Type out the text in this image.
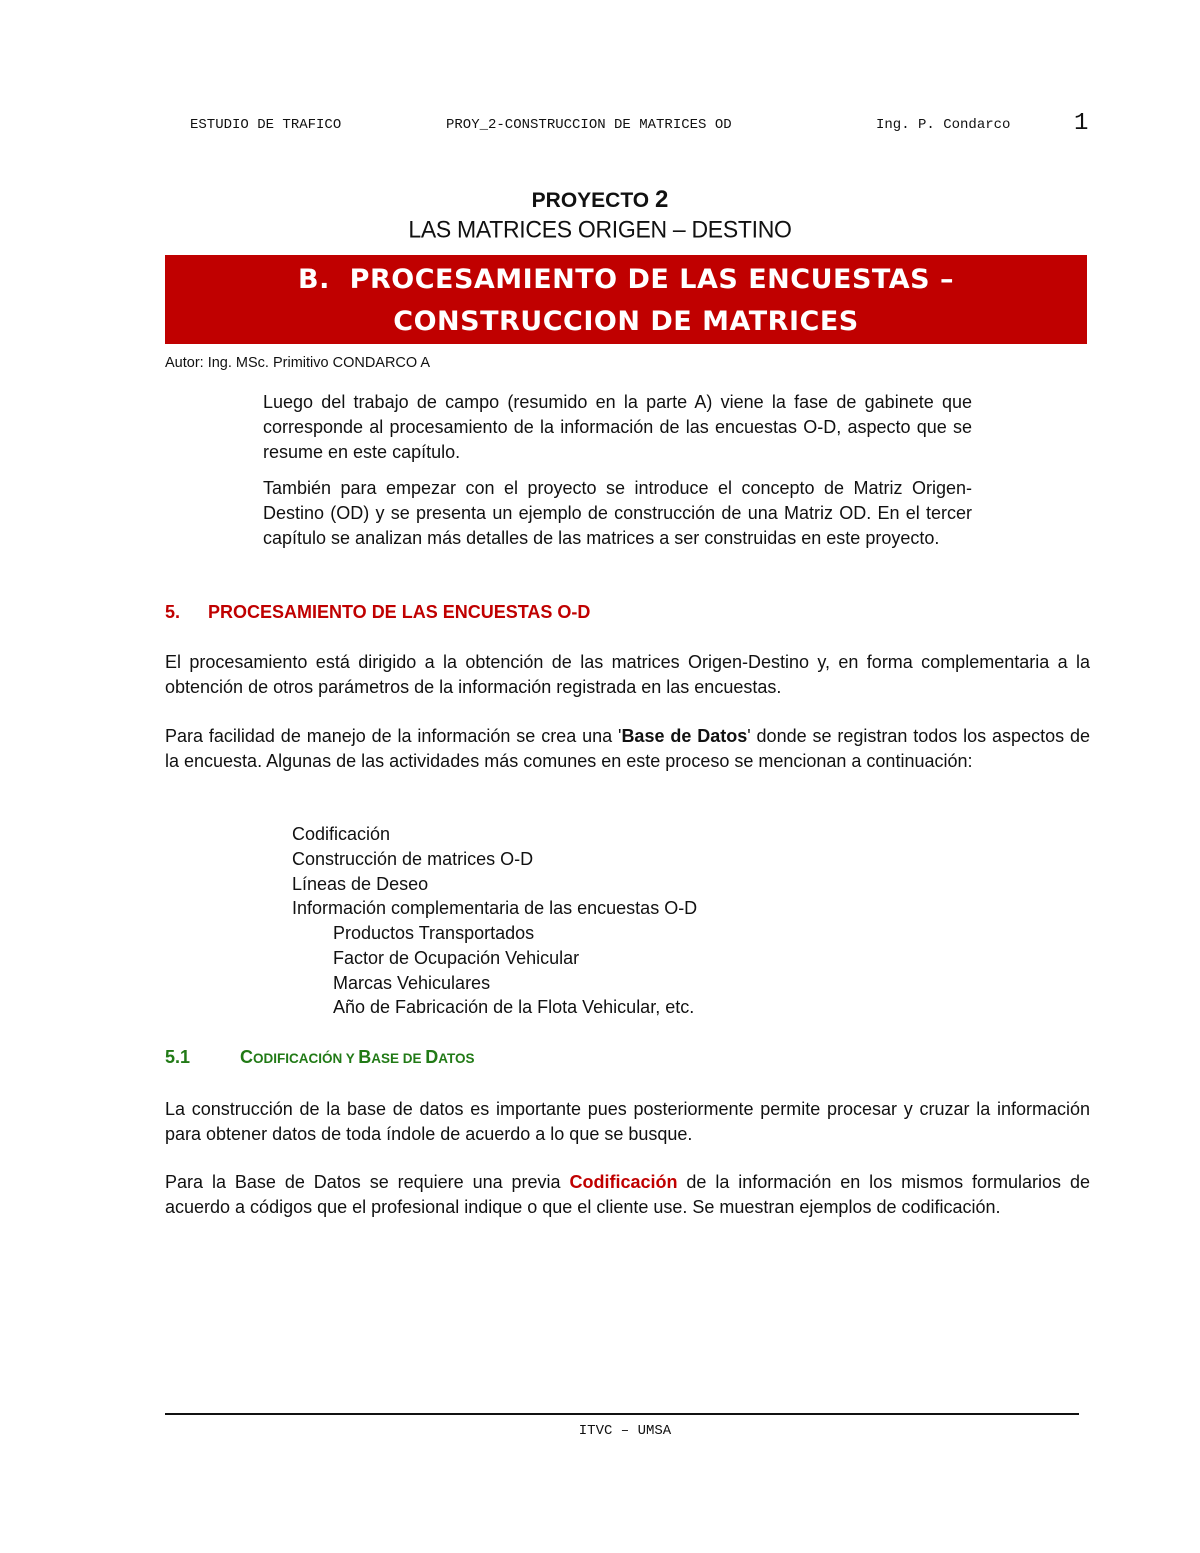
ESTUDIO DE TRAFICO	PROY_2-CONSTRUCCION DE MATRICES OD	Ing. P. Condarco	1
PROYECTO 2
LAS MATRICES ORIGEN – DESTINO
B.  PROCESAMIENTO DE LAS ENCUESTAS –
CONSTRUCCION DE MATRICES
Autor: Ing. MSc. Primitivo CONDARCO A
Luego del trabajo de campo (resumido en la parte A) viene la fase de gabinete que corresponde al procesamiento de la información de las encuestas O-D, aspecto que se resume en este capítulo.
También para empezar con el proyecto se introduce el concepto de Matriz Origen-Destino (OD) y se presenta un ejemplo de construcción de una Matriz OD. En el tercer capítulo se analizan más detalles de las matrices a ser construidas en este proyecto.
5. PROCESAMIENTO DE LAS ENCUESTAS O-D
El procesamiento está dirigido a la obtención de las matrices Origen-Destino y, en forma complementaria a la obtención de otros parámetros de la información registrada en las encuestas.
Para facilidad de manejo de la información se crea una 'Base de Datos' donde se registran todos los aspectos de la encuesta. Algunas de las actividades más comunes en este proceso se mencionan a continuación:
Codificación
Construcción de matrices O-D
Líneas de Deseo
Información complementaria de las encuestas O-D
Productos Transportados
Factor de Ocupación Vehicular
Marcas Vehiculares
Año de Fabricación de la Flota Vehicular, etc.
5.1	CODIFICACIÓN Y BASE DE DATOS
La construcción de la base de datos es importante pues posteriormente permite procesar y cruzar la información para obtener datos de toda índole de acuerdo a lo que se busque.
Para la Base de Datos se requiere una previa Codificación de la información en los mismos formularios de acuerdo a códigos que el profesional indique o que el cliente use. Se muestran ejemplos de codificación.
ITVC – UMSA
